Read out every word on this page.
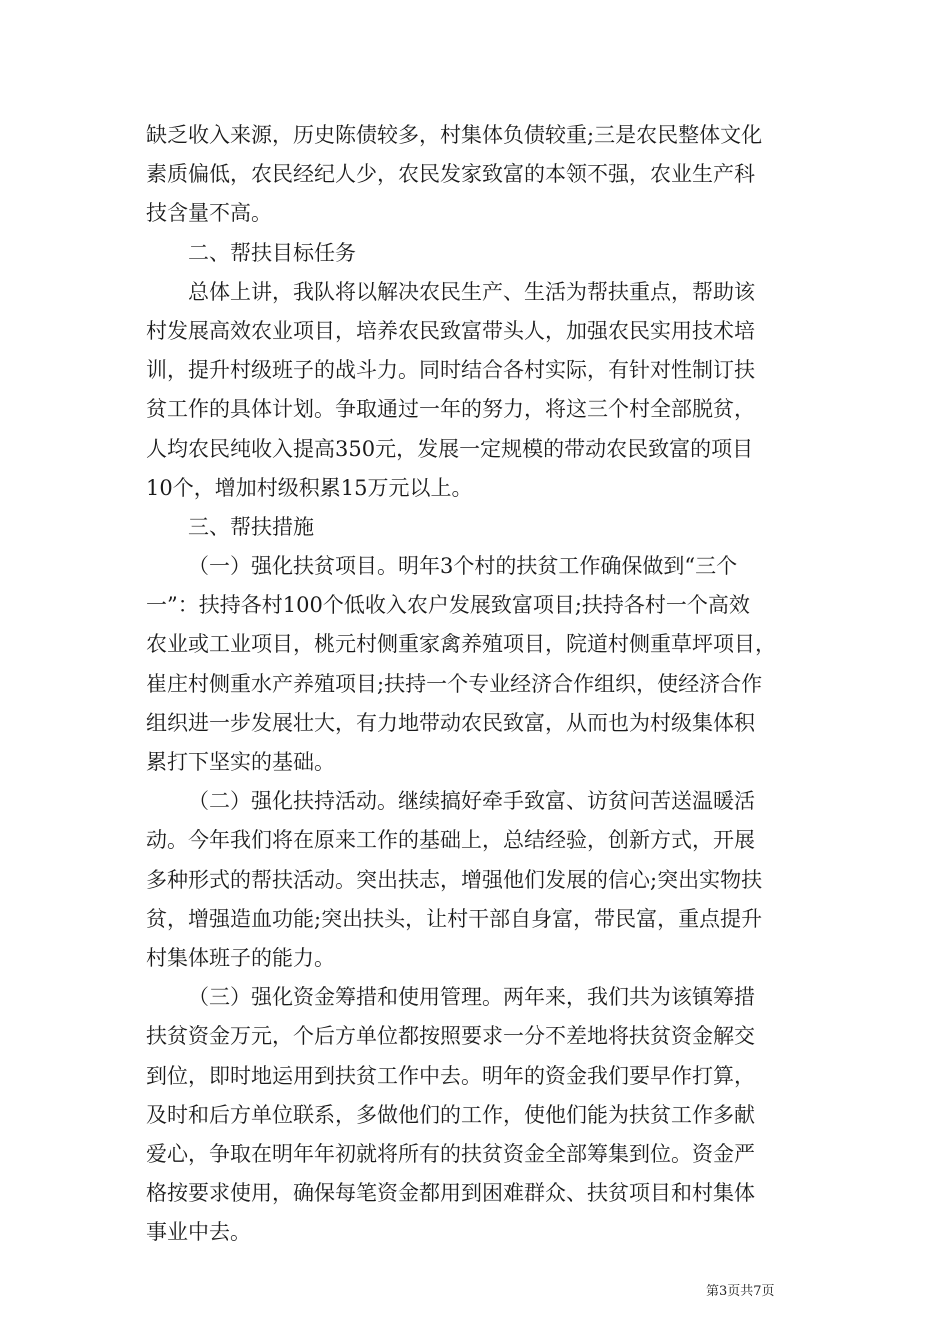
缺乏收入来源，历史陈债较多，村集体负债较重;三是农民整体文化
素质偏低，农民经纪人少，农民发家致富的本领不强，农业生产科
技含量不高。
二、帮扶目标任务
总体上讲，我队将以解决农民生产、生活为帮扶重点，帮助该
村发展高效农业项目，培养农民致富带头人，加强农民实用技术培
训，提升村级班子的战斗力。同时结合各村实际，有针对性制订扶
贫工作的具体计划。争取通过一年的努力，将这三个村全部脱贫，
人均农民纯收入提高350元，发展一定规模的带动农民致富的项目
10个，增加村级积累15万元以上。
三、帮扶措施
（一）强化扶贫项目。明年3个村的扶贫工作确保做到“三个
一”：扶持各村100个低收入农户发展致富项目;扶持各村一个高效
农业或工业项目，桃元村侧重家禽养殖项目，院道村侧重草坪项目，
崔庄村侧重水产养殖项目;扶持一个专业经济合作组织，使经济合作
组织进一步发展壮大，有力地带动农民致富，从而也为村级集体积
累打下坚实的基础。
（二）强化扶持活动。继续搞好牵手致富、访贫问苦送温暖活
动。今年我们将在原来工作的基础上，总结经验，创新方式，开展
多种形式的帮扶活动。突出扶志，增强他们发展的信心;突出实物扶
贫，增强造血功能;突出扶头，让村干部自身富，带民富，重点提升
村集体班子的能力。
（三）强化资金筹措和使用管理。两年来，我们共为该镇筹措
扶贫资金万元，个后方单位都按照要求一分不差地将扶贫资金解交
到位，即时地运用到扶贫工作中去。明年的资金我们要早作打算，
及时和后方单位联系，多做他们的工作，使他们能为扶贫工作多献
爱心，争取在明年年初就将所有的扶贫资金全部筹集到位。资金严
格按要求使用，确保每笔资金都用到困难群众、扶贫项目和村集体
事业中去。
第3页共7页
